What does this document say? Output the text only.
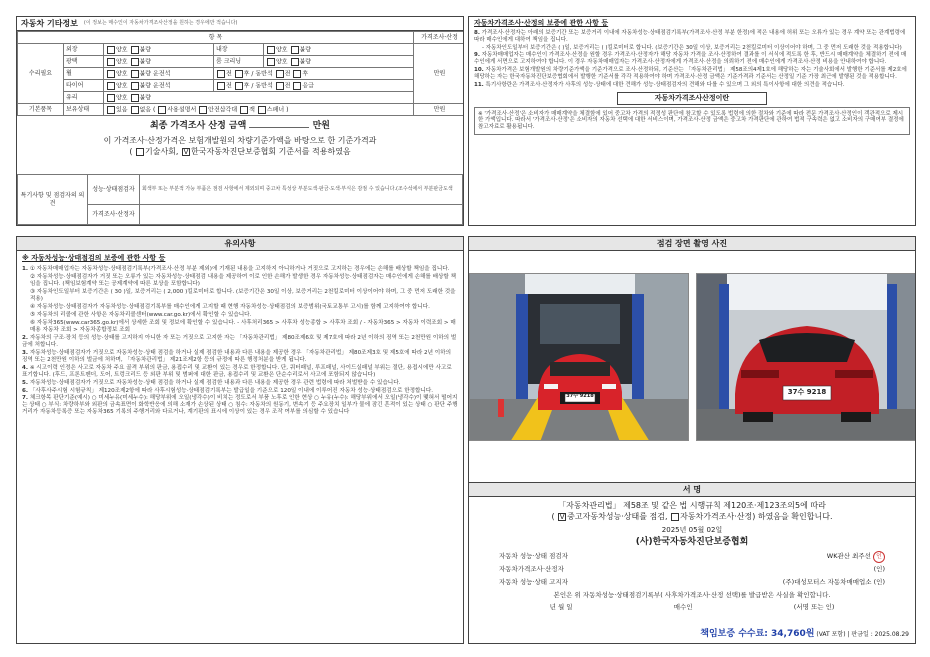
자동차 기타정보 (이 정보는 매수인이 자동차가격조사산정을 원하는 경우에만 적습니다)
항 목					가격조사·산정
수리필요	외장	양호 불량	내장	양호 불량	만원
	광택	양호 불량	룸 크리닝	양호 불량	
	휠	양호 불량 운전석	전 후 / 동반석 전 후		
	타이어	양호 불량 운전석	전 후 / 동반석 전 응급		
	유리	양호 불량			
기본품목	보유상태	있음 없음 ( 사용설명서 안전삼각대 잭 스패너 )			만원
최종 가격조사 산정 금액	만원
이 가격조사·산정가격은 보험개발원의 차량기준가액을 바탕으로 한 기준가격과
( 기술사회, V 한국자동차진단보증협회 기준서를 적용하였음
특기사항 및 점검자의 의견	성능·상태점검자	회색부 또는 부분적 가능 부품은 점검 사항에서 제외되며 중고차 특성상 부분도색·판금·도색·부식은 감점 수 있습니다.(조수석에서 부분판금도색
	가격조사·산정자	
자동차가격조사·산정의 보증에 관한 사항 등
8. 가격조사·산정자는 아래의 보증기간 또는 보증거리 이내에 자동차성능·상태점검기록부(가격조사·산정 부분 한정)에 적은 내용에 허위 또는 오류가 있는 경우 계약 또는 관계법령에 따라 매수인에게 대하여 책임을 집니다.
- 자동차인도일부터 보증기간은 ( )일, 보증거리는 ( )킬로미터로 합니다. (보증기간은 30일 이상, 보증거리는 2천킬로미터 이상이어야 하며, 그 중 먼저 도래한 것을 적용합니다)
9. 자동차매매업자는 매수인이 가격조사·산정을 원할 경우 가격조사·산정자가 해당 자동차 가격을 조사·산정하여 결과를 이 서식에 적도록 한 후, 반드시 매매계약을 체결하기 전에 매수인에게 서면으로 고지하여야 합니다. 이 경우 자동차매매업자는 가격조사·산정자에게 가격조사·산정을 의뢰하기 전에 매수인에게 가격조사·산정 비용을 안내하여야 합니다.
10. 자동차가격은 보험개발원의 차량기준가액을 기준가격으로 조사·산정하되, 기준산는 「자동차관리법」 제58조의4제1호에 해당하는 자는 기술사회에서 발행한 기준서를 제2호에 해당하는 자는 한국자동차진단보증협회에서 발행한 기준서를 각각 적용하여야 하며 가격조사·산정 금액은 기준가격과 기준서는 산정일 기준 가장 최근에 발행된 것을 적용합니다.
11. 특기사항란은 가격조사·산정자가 사후의 성능·상태에 대한 견해가 성능·상태점검자의 견해와 다를 수 있으며 그 외의 특이사항에 대한 의견을 적습니다.
자동차가격조사산정이란
※ '가격조사·산정'은 소비자가 매매계약을 체결함에 있어 중고차 가격의 적정성 판단에 참고할 수 있도록 법령에 의한 절차와 기준에 따라 전문 가격조사·산정인이 객관적으로 제시한 가액입니다. 따라서 '가격조사·산정'은 소비자의 자동차 선택에 대한 서비스이며, 가격조사·산정 금액은 중고차 가격판단에 관하여 법적 구속력은 없고 소비자의 구매여부 결정에 참고자료로 활용됩니다.
유의사항
※ 자동차성능·상태점검의 보증에 관한 사항 등
1. ① 자동차매매업자는 자동차성능·상태점검기록부(가격조사·산정 부분 제외)에 기재된 내용을 고지하지 아니하거나 거짓으로 고지하는 경우에는 손해를 배상할 책임을 집니다.
② 자동차성능·상태점검자가 거짓 또는 오류가 있는 자동차성능·상태점검 내용을 제공하여 이로 인한 손해가 발생한 경우 자동차성능·상태점검자는 매수인에게 손해를 배상할 책임을 집니다. (책임보험계약 또는 공제계약에 따른 보상을 포함합니다)
③ 자동차인도일부터 보증기간은 ( 30 )일, 보증거리는 ( 2,000 )킬로미터로 합니다. (보증기간은 30일 이상, 보증거리는 2천킬로미터 이상이어야 하며, 그 중 먼저 도래한 것을 적용)
④ 자동차성능·상태점검자가 자동차성능·상태점검기록부를 매수인에게 고지할 때 현행 자동차성능·상태점검의 보증범위(국토교통부 고시)를 함께 고지하여야 합니다.
⑤ 자동차의 리콜에 관한 사항은 자동차리콜센터(www.car.go.kr)에서 확인할 수 있습니다.
⑥ 자동차365(www.car365.go.kr)에서 상세한 조회 및 정보에 확인할 수 있습니다. - 사후처리365 > 사후차 성능종합 > 사후차 조회 / - 자동차365 > 자동차 이력조회 > 매매용 자동차 조회 > 자동차종합정보 조회
2. 자동차의 구조·장치 등의 성능·상태를 고지하지 아니한 자 또는 거짓으로 고지한 자는 「자동차관리법」 제80조제6호 및 제7호에 따라 2년 이하의 징역 또는 2천만원 이하의 벌금에 처합니다.
3. 자동차성능·상태점검자가 거짓으로 자동차성능·상태 점검을 하거나 실제 점검한 내용과 다른 내용을 제공한 경우 「자동차관리법」 제80조제3호 및 제5호에 따라 2년 이하의 징역 또는 2천만원 이하의 벌금에 처하며, 「자동차관리법」 제21조제2항 등의 규정에 따른 행정처분을 받게 됩니다.
4. ※ 시고이력 인정은 사고로 자동차 주요 골격 부위의 판금, 용접수리 및 교환이 있는 경우로 한정합니다. 단, 쿼터패널, 루프패널, 사이드실패널 부위는 절단, 용접시에만 사고로 표기합니다. (후드, 프론트펜더, 도어, 트렁크리드 등 외판 부위 및 범퍼에 대한 판금, 용접수리 및 교환은 단순수리로서 사고에 포함되지 않습니다)
5. 자동차성능·상태점검자가 거짓으로 자동차성능·상태 점검을 하거나 실제 점검한 내용과 다른 내용을 제공한 경우 관련 법령에 따라 처벌받을 수 있습니다.
6. 「사후사주시험 시험규칙」 제120조제2항에 따라 사후시험성능·상태점검기록부는 발급일을 기준으로 120일 이내에 이루어진 자동차 성능·상태점검으로 한정합니다.
7. 체크항목 판단기준(예시) ○ 미세누유(미세누수): 해당부위에 오일(냉각수)이 비치는 정도로서 부품 노후로 인한 현상 ○ 누유(누수): 해당부위에서 오일(냉각수)이 맺혀서 떨어지는 상태 ○ 부식: 차량하부와 외판의 금속표면이 화학반응에 의해 소재가 손상된 상태 ○ 침수: 자동차의 원동기, 변속기 등 주요장치 일부가 물에 잠긴 흔적이 있는 상태 ○ 판단 주행거리가 자동차등록증 또는 자동차365 기록의 주행거리와 다르거나, 계기판의 표시에 이상이 있는 경우 조작 여부를 의심할 수 있습니다
점검 장면 촬영 사진
37수 9218	37수 9218
서 명
「자동차관리법」 제58조 및 같은 법 시행규칙 제120조·제123조의5에 따라
( V 중고자동차성능·상태를 점검, 자동차가격조사·산정) 하였음을 확인합니다.
2025년 05월 02일
(사)한국자동차진단보증협회
자동차 성능·상태 점검자	WK관산 최주선 인
자동차가격조사·산정자	(인)
자동차 성능·상태 고지자	(주)대성모터스 자동차매매업소 (인)
본인은 위 자동차성능·상태점검기록부( 사후차가격조사·산정 선택)를 발급받은 사실을 확인합니다.
년 월 일	매수인	(서명 또는 인)
책임보증 수수료: 34,760원 (VAT 포함) | 판금일 : 2025.08.29
